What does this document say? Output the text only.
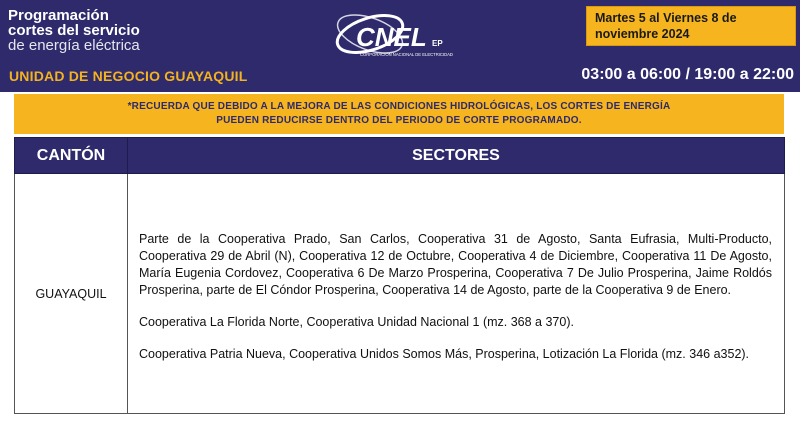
Programación
cortes del servicio
de energía eléctrica
UNIDAD DE NEGOCIO GUAYAQUIL
CNEL EP
CORPORACIÓN NACIONAL DE ELECTRICIDAD
Martes 5 al Viernes 8 de noviembre 2024
03:00 a 06:00 / 19:00 a 22:00
*RECUERDA QUE DEBIDO A LA MEJORA DE LAS CONDICIONES HIDROLÓGICAS, LOS CORTES DE ENERGÍA
PUEDEN REDUCIRSE DENTRO DEL PERIODO DE CORTE PROGRAMADO.
CANTÓN	SECTORES
GUAYAQUIL	Parte de la Cooperativa Prado, San Carlos, Cooperativa 31 de Agosto, Santa Eufrasia, Multi-Producto, Cooperativa 29 de Abril (N), Cooperativa 12 de Octubre, Cooperativa 4 de Diciembre, Cooperativa 11 De Agosto, María Eugenia Cordovez, Cooperativa 6 De Marzo Prosperina, Cooperativa 7 De Julio Prosperina, Jaime Roldós Prosperina, parte de El Cóndor Prosperina, Cooperativa 14 de Agosto, parte de la Cooperativa 9 de Enero.

Cooperativa La Florida Norte, Cooperativa Unidad Nacional 1 (mz. 368 a 370).

Cooperativa Patria Nueva, Cooperativa Unidos Somos Más, Prosperina, Lotización La Florida (mz. 346 a352).
